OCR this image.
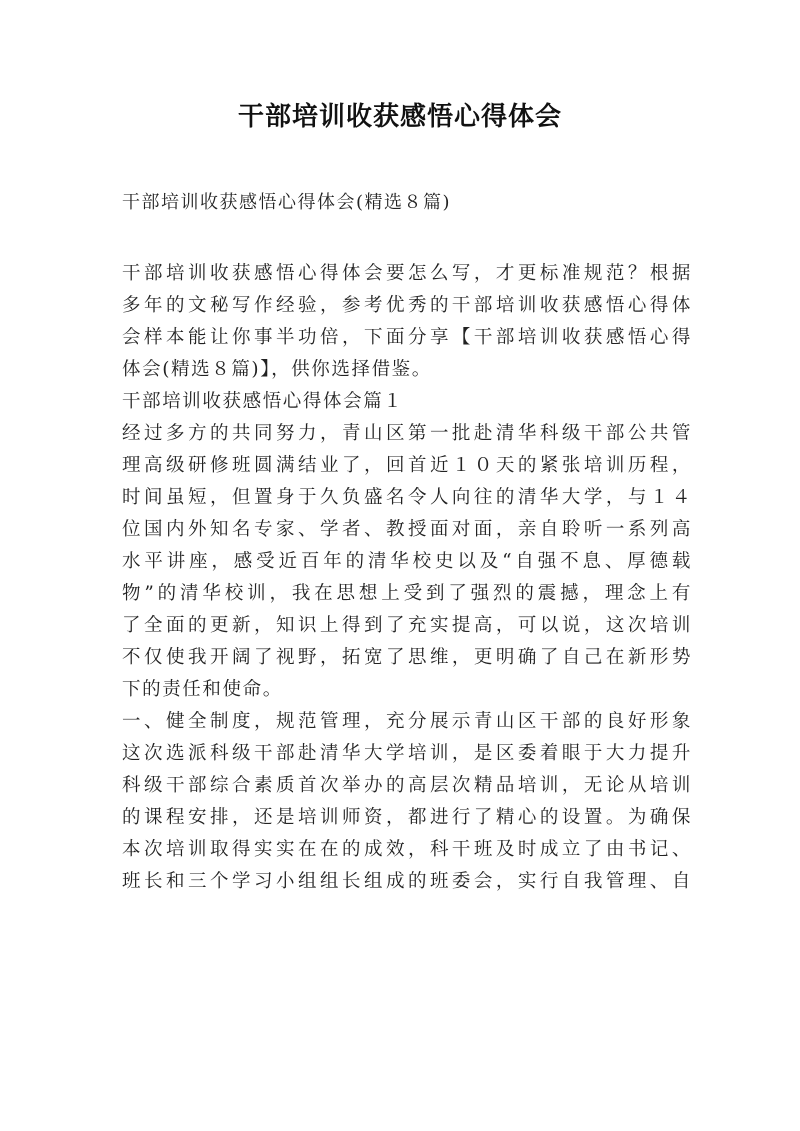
干部培训收获感悟心得体会

干部培训收获感悟心得体会(精选８篇)

干部培训收获感悟心得体会要怎么写，才更标准规范？根据
多年的文秘写作经验，参考优秀的干部培训收获感悟心得体
会样本能让你事半功倍，下面分享【干部培训收获感悟心得
体会(精选８篇)】，供你选择借鉴。
干部培训收获感悟心得体会篇１
经过多方的共同努力，青山区第一批赴清华科级干部公共管
理高级研修班圆满结业了，回首近１０天的紧张培训历程，
时间虽短，但置身于久负盛名令人向往的清华大学，与１４
位国内外知名专家、学者、教授面对面，亲自聆听一系列高
水平讲座，感受近百年的清华校史以及“自强不息、厚德载
物”的清华校训，我在思想上受到了强烈的震撼，理念上有
了全面的更新，知识上得到了充实提高，可以说，这次培训
不仅使我开阔了视野，拓宽了思维，更明确了自己在新形势
下的责任和使命。
一、健全制度，规范管理，充分展示青山区干部的良好形象
这次选派科级干部赴清华大学培训，是区委着眼于大力提升
科级干部综合素质首次举办的高层次精品培训，无论从培训
的课程安排，还是培训师资，都进行了精心的设置。为确保
本次培训取得实实在在的成效，科干班及时成立了由书记、
班长和三个学习小组组长组成的班委会，实行自我管理、自
